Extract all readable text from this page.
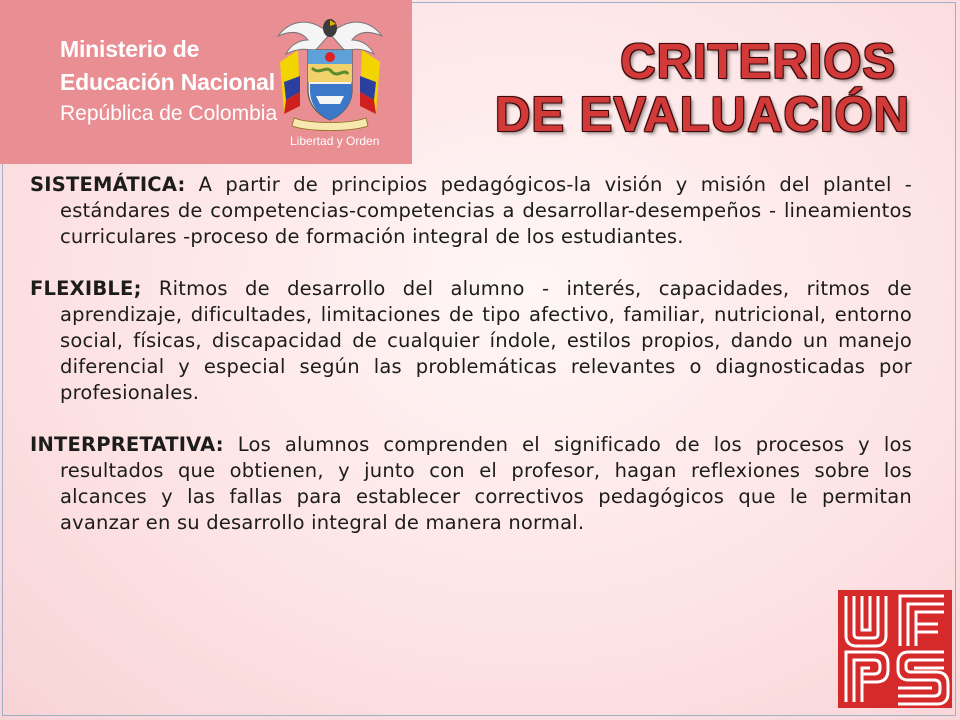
Ministerio de
Educación Nacional
República de Colombia
Libertad y Orden
CRITERIOS
DE EVALUACIÓN

SISTEMÁTICA: A partir de principios pedagógicos-la visión y misión del plantel - estándares de competencias-competencias a desarrollar-desempeños - lineamientos curriculares -proceso de formación integral de los estudiantes.

FLEXIBLE; Ritmos de desarrollo del alumno - interés, capacidades, ritmos de aprendizaje, dificultades, limitaciones de tipo afectivo, familiar, nutricional, entorno social, físicas, discapacidad de cualquier índole, estilos propios, dando un manejo diferencial y especial según las problemáticas relevantes o diagnosticadas por profesionales.

INTERPRETATIVA: Los alumnos comprenden el significado de los procesos y los resultados que obtienen, y junto con el profesor, hagan reflexiones sobre los alcances y las fallas para establecer correctivos pedagógicos que le permitan avanzar en su desarrollo integral de manera normal.
